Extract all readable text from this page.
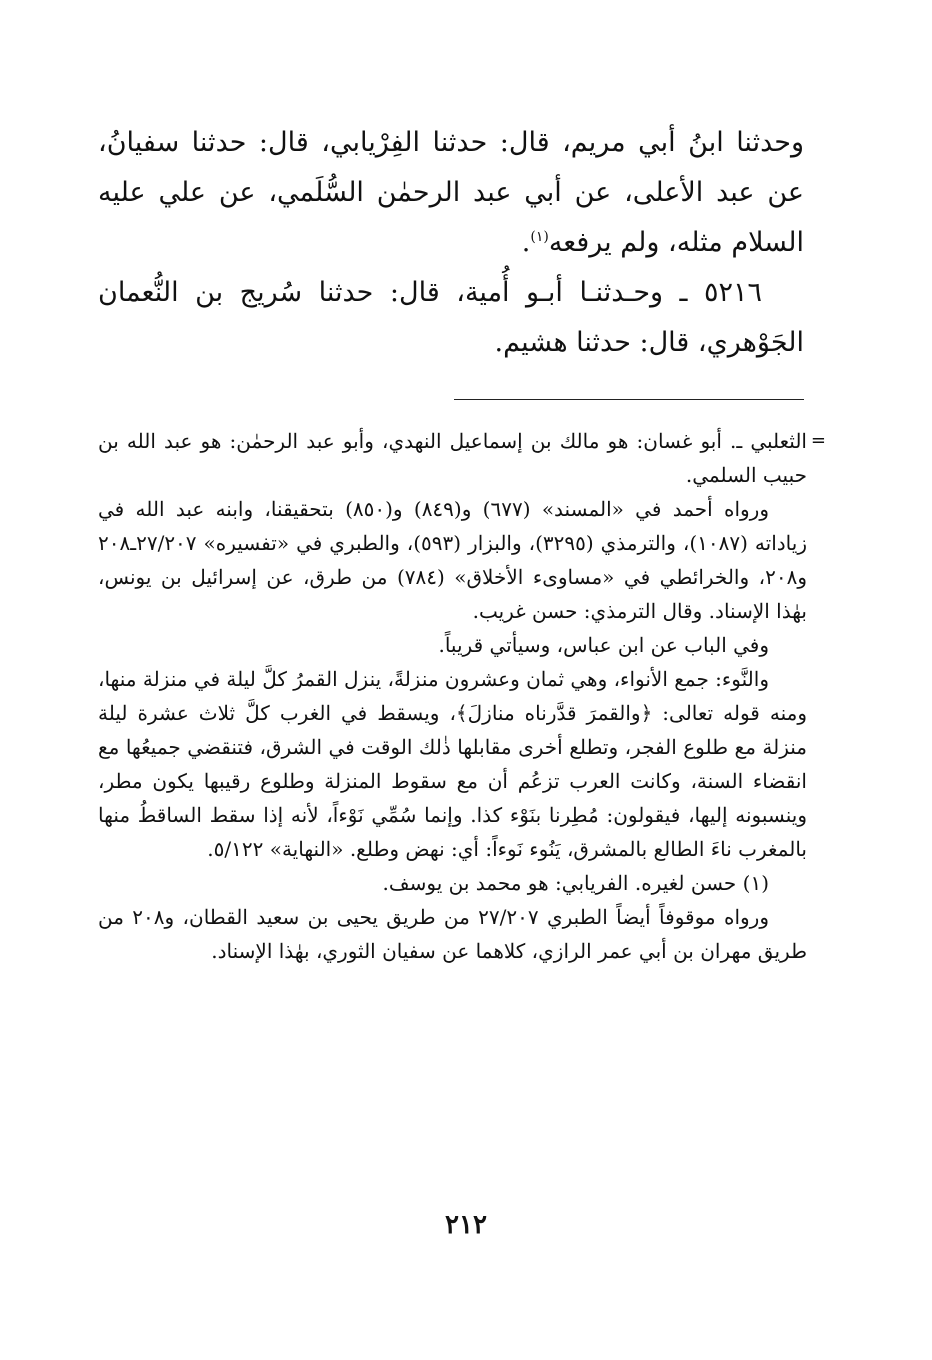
وحدثنا ابنُ أبي مريم، قال: حدثنا الفِرْيابي، قال: حدثنا سفيانُ، عن عبد الأعلى، عن أبي عبد الرحمٰن السُّلَمي، عن علي عليه السلام مثله، ولم يرفعه$^{(١)}$.

٥٢١٦ ـ وحـدثنـا أبـو أُمية، قال: حدثنا سُريج بن النُّعمان الجَوْهري، قال: حدثنا هشيم.

=

الثعلبي ـ. أبو غسان: هو مالك بن إسماعيل النهدي، وأبو عبد الرحمٰن: هو عبد الله بن حبيب السلمي.

ورواه أحمد في «المسند» (٦٧٧) و(٨٤٩) و(٨٥٠) بتحقيقنا، وابنه عبد الله في زياداته (١٠٨٧)، والترمذي (٣٢٩٥)، والبزار (٥٩٣)، والطبري في «تفسيره» ٢٧/٢٠٧ـ٢٠٨ و٢٠٨، والخرائطي في «مساوىء الأخلاق» (٧٨٤) من طرق، عن إسرائيل بن يونس، بهٰذا الإسناد. وقال الترمذي: حسن غريب.

وفي الباب عن ابن عباس، وسيأتي قريباً.

والنَّوء: جمع الأنواء، وهي ثمان وعشرون منزلةً، ينزل القمرُ كلَّ ليلة في منزلة منها، ومنه قوله تعالى: ﴿والقمرَ قدَّرناه منازلَ﴾، ويسقط في الغرب كلَّ ثلاث عشرة ليلة منزلة مع طلوع الفجر، وتطلع أخرى مقابلها ذٰلك الوقت في الشرق، فتنقضي جميعُها مع انقضاء السنة، وكانت العرب تزعُم أن مع سقوط المنزلة وطلوع رقيبها يكون مطر، وينسبونه إليها، فيقولون: مُطِرنا بنَوْء كذا. وإنما سُمِّي نَوْءاً، لأنه إذا سقط الساقطُ منها بالمغرب ناءَ الطالع بالمشرق، يَنُوء نَوءاً: أي: نهض وطلع. «النهاية» ٥/١٢٢.

(١) حسن لغيره. الفريابي: هو محمد بن يوسف.

ورواه موقوفاً أيضاً الطبري ٢٧/٢٠٧ من طريق يحيى بن سعيد القطان، و٢٠٨ من طريق مهران بن أبي عمر الرازي، كلاهما عن سفيان الثوري، بهٰذا الإسناد.

٢١٢
